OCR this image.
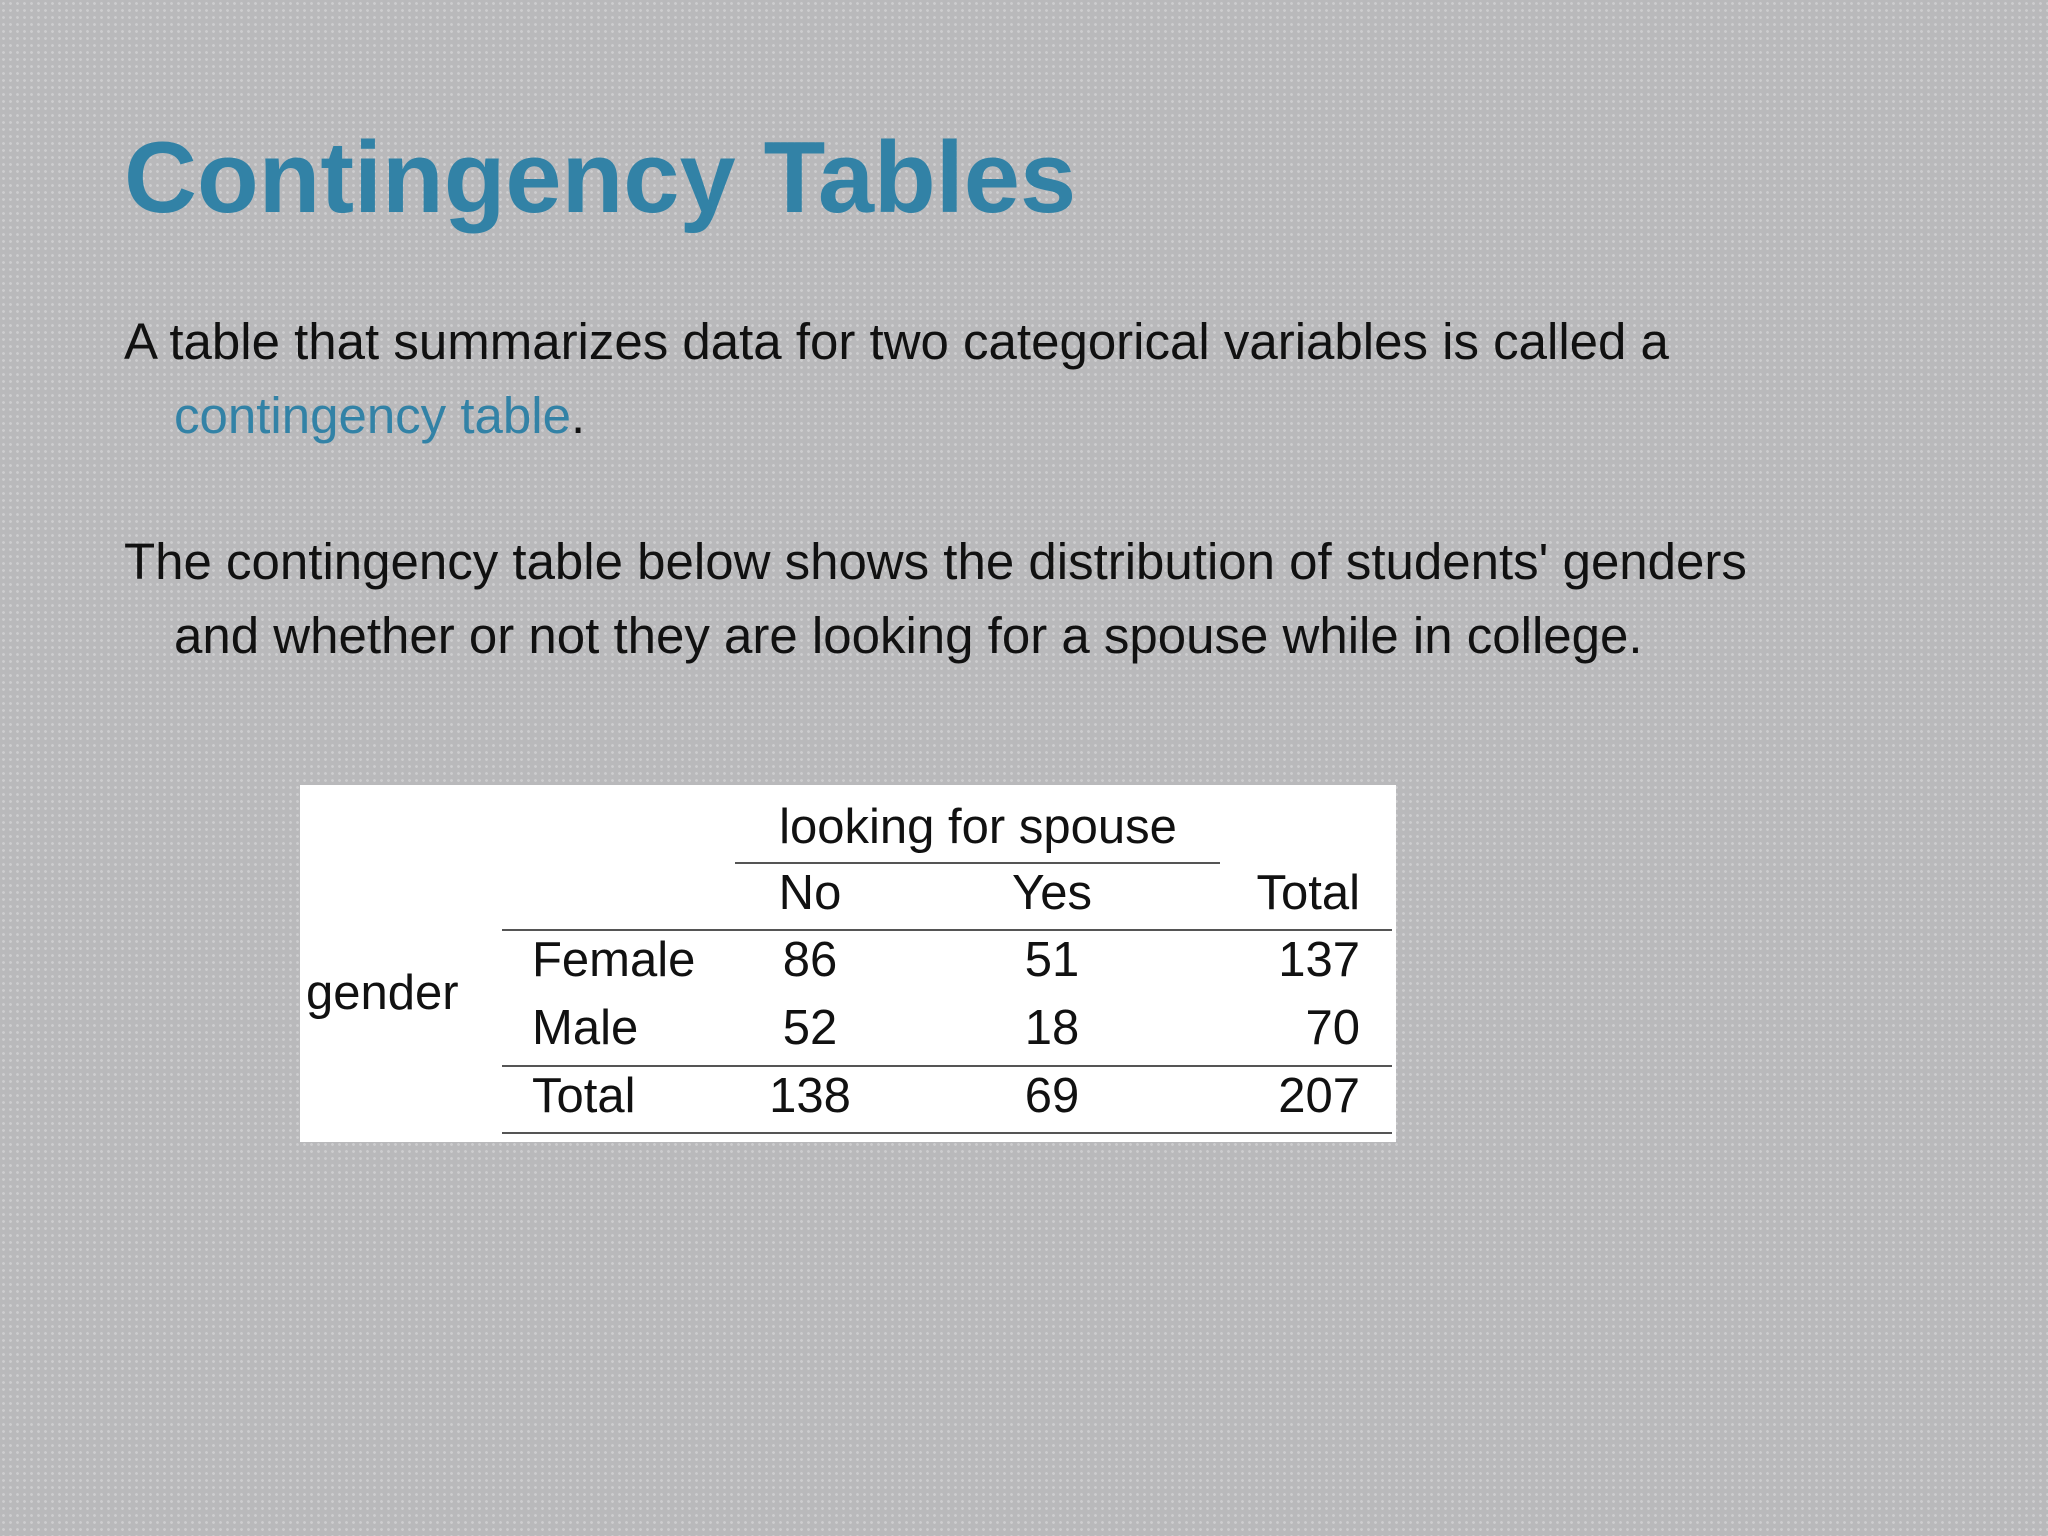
Contingency Tables

A table that summarizes data for two categorical variables is called a
contingency table.

The contingency table below shows the distribution of students' genders
and whether or not they are looking for a spouse while in college.

looking for spouse
No	Yes	Total
gender
Female 86	51	137
Male	52	18	70
Total	138	69	207
